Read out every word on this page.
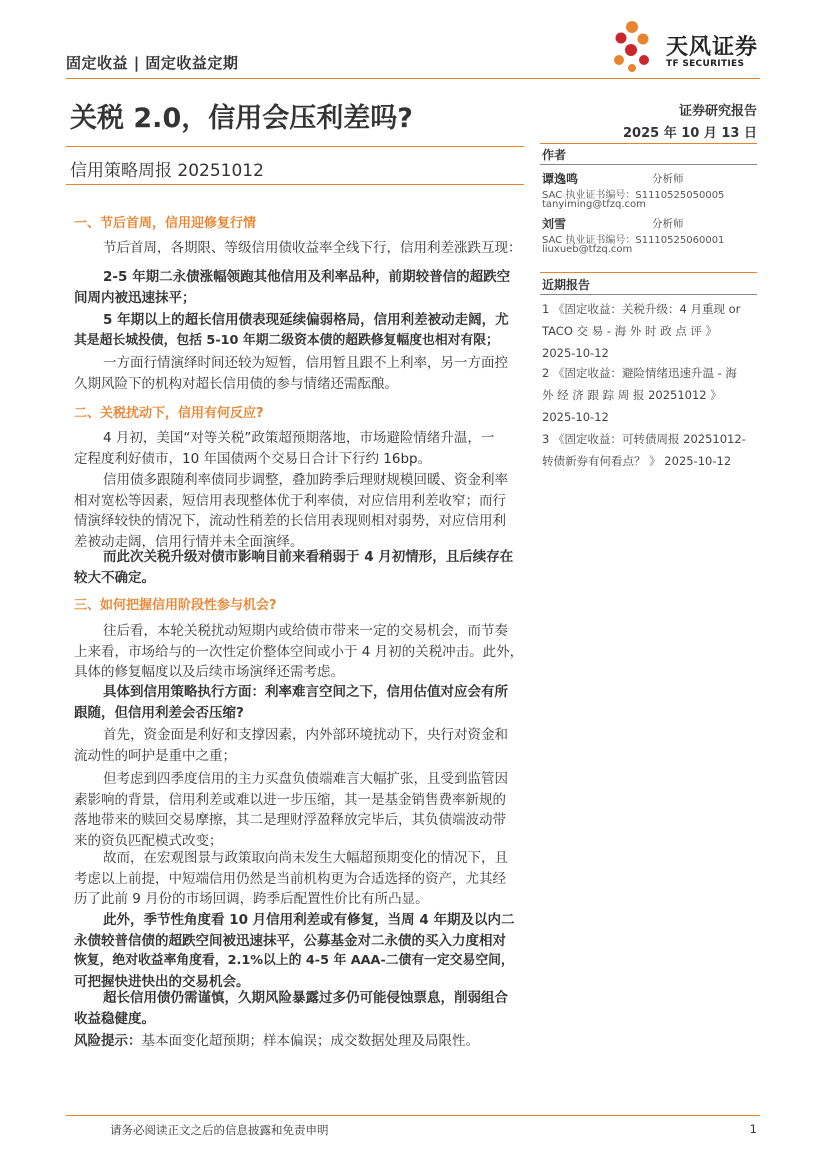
固定收益 | 固定收益定期
天风证券
TF SECURITIES
关税 2.0，信用会压利差吗?
信用策略周报 20251012
证券研究报告
2025 年 10 月 13 日
作者
谭逸鸣	分析师
SAC 执业证书编号：S1110525050005
tanyiming@tfzq.com
刘雪	分析师
SAC 执业证书编号：S1110525060001
liuxueb@tfzq.com
近期报告
1 《固定收益：关税升级：4 月重现 or
TACO 交 易 - 海 外 时 政 点 评 》
2025-10-12
2 《固定收益：避险情绪迅速升温 - 海
外 经 济 跟 踪 周 报 20251012 》
2025-10-12
3 《固定收益：可转债周报 20251012-
转债新券有何看点？ 》 2025-10-12
一、节后首周，信用迎修复行情
节后首周，各期限、等级信用债收益率全线下行，信用利差涨跌互现：
2-5 年期二永债涨幅领跑其他信用及利率品种，前期较普信的超跌空
间周内被迅速抹平；
5 年期以上的超长信用债表现延续偏弱格局，信用利差被动走阔，尤
其是超长城投债，包括 5-10 年期二级资本债的超跌修复幅度也相对有限；
一方面行情演绎时间还较为短暂，信用暂且跟不上利率，另一方面控
久期风险下的机构对超长信用债的参与情绪还需酝酿。
二、关税扰动下，信用有何反应?
4 月初，美国“对等关税”政策超预期落地，市场避险情绪升温，一
定程度利好债市，10 年国债两个交易日合计下行约 16bp。
信用债多跟随利率债同步调整，叠加跨季后理财规模回暖、资金利率
相对宽松等因素，短信用表现整体优于利率债，对应信用利差收窄；而行
情演绎较快的情况下，流动性稍差的长信用表现则相对弱势，对应信用利
差被动走阔，信用行情并未全面演绎。
而此次关税升级对债市影响目前来看稍弱于 4 月初情形，且后续存在
较大不确定。
三、如何把握信用阶段性参与机会?
往后看，本轮关税扰动短期内或给债市带来一定的交易机会，而节奏
上来看，市场给与的一次性定价整体空间或小于 4 月初的关税冲击。此外，
具体的修复幅度以及后续市场演绎还需考虑。
具体到信用策略执行方面：利率难言空间之下，信用估值对应会有所
跟随，但信用利差会否压缩?
首先，资金面是利好和支撑因素，内外部环境扰动下，央行对资金和
流动性的呵护是重中之重；
但考虑到四季度信用的主力买盘负债端难言大幅扩张，且受到监管因
素影响的背景，信用利差或难以进一步压缩，其一是基金销售费率新规的
落地带来的赎回交易摩擦，其二是理财浮盈释放完毕后，其负债端波动带
来的资负匹配模式改变；
故而，在宏观图景与政策取向尚未发生大幅超预期变化的情况下，且
考虑以上前提，中短端信用仍然是当前机构更为合适选择的资产，尤其经
历了此前 9 月份的市场回调，跨季后配置性价比有所凸显。
此外，季节性角度看 10 月信用利差或有修复，当周 4 年期及以内二
永债较普信债的超跌空间被迅速抹平，公募基金对二永债的买入力度相对
恢复，绝对收益率角度看，2.1%以上的 4-5 年 AAA-二债有一定交易空间，
可把握快进快出的交易机会。
超长信用债仍需谨慎，久期风险暴露过多仍可能侵蚀票息，削弱组合
收益稳健度。
风险提示：基本面变化超预期；样本偏误；成交数据处理及局限性。
请务必阅读正文之后的信息披露和免责申明	1
